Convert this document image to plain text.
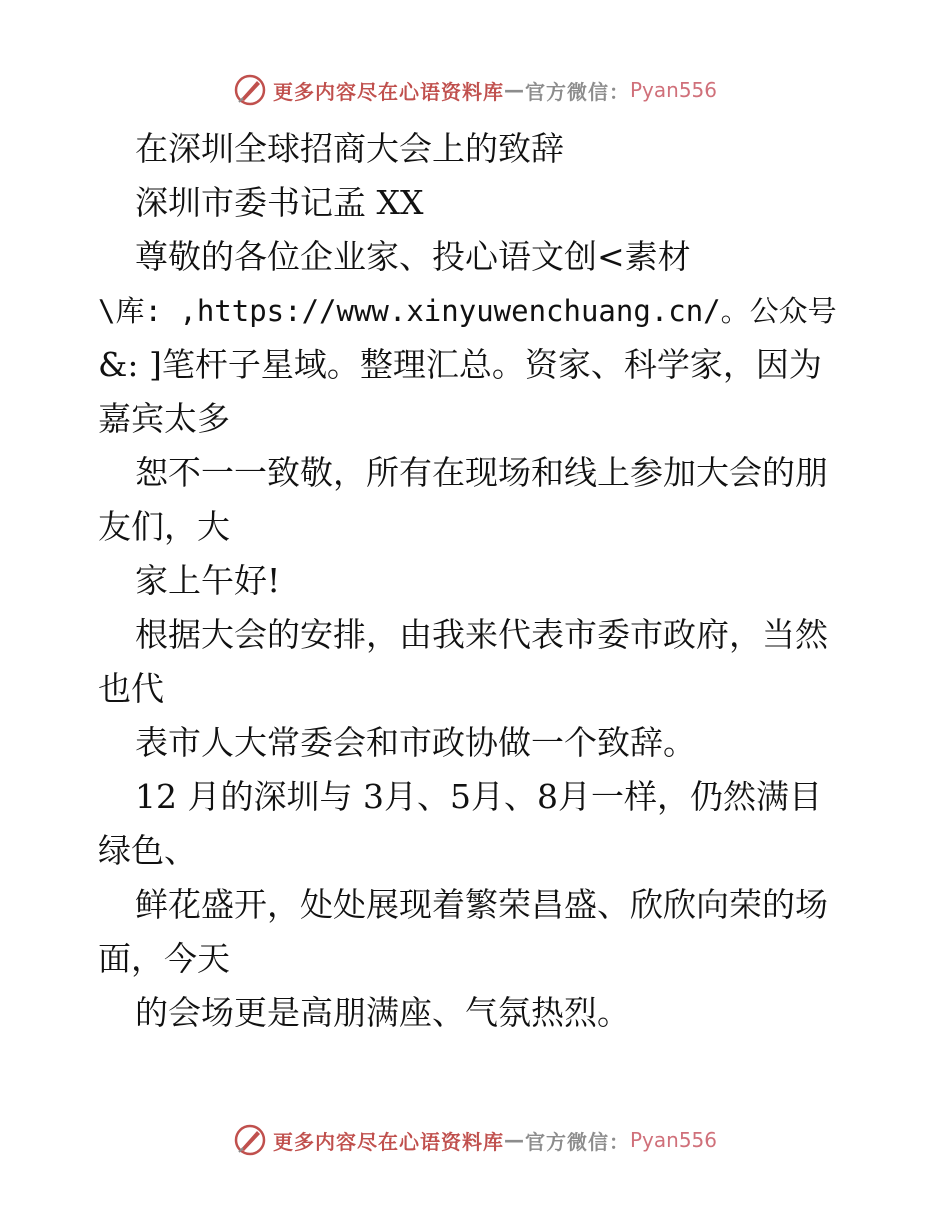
更多内容尽在心语资料库 — 官方微信： Pyan556
在深圳全球招商大会上的致辞
深圳市委书记孟 XX
尊敬的各位企业家、投心语文创<素材
\库: ,https://www.xinyuwenchuang.cn/。公众号
&: ]笔杆子星域。整理汇总。资家、科学家，因为
嘉宾太多
恕不一一致敬，所有在现场和线上参加大会的朋
友们，大
家上午好!
根据大会的安排，由我来代表市委市政府，当然
也代
表市人大常委会和市政协做一个致辞。
12 月的深圳与 3月、5月、8月一样，仍然满目
绿色、
鲜花盛开，处处展现着繁荣昌盛、欣欣向荣的场
面，今天
的会场更是高朋满座、气氛热烈。
更多内容尽在心语资料库 — 官方微信： Pyan556
